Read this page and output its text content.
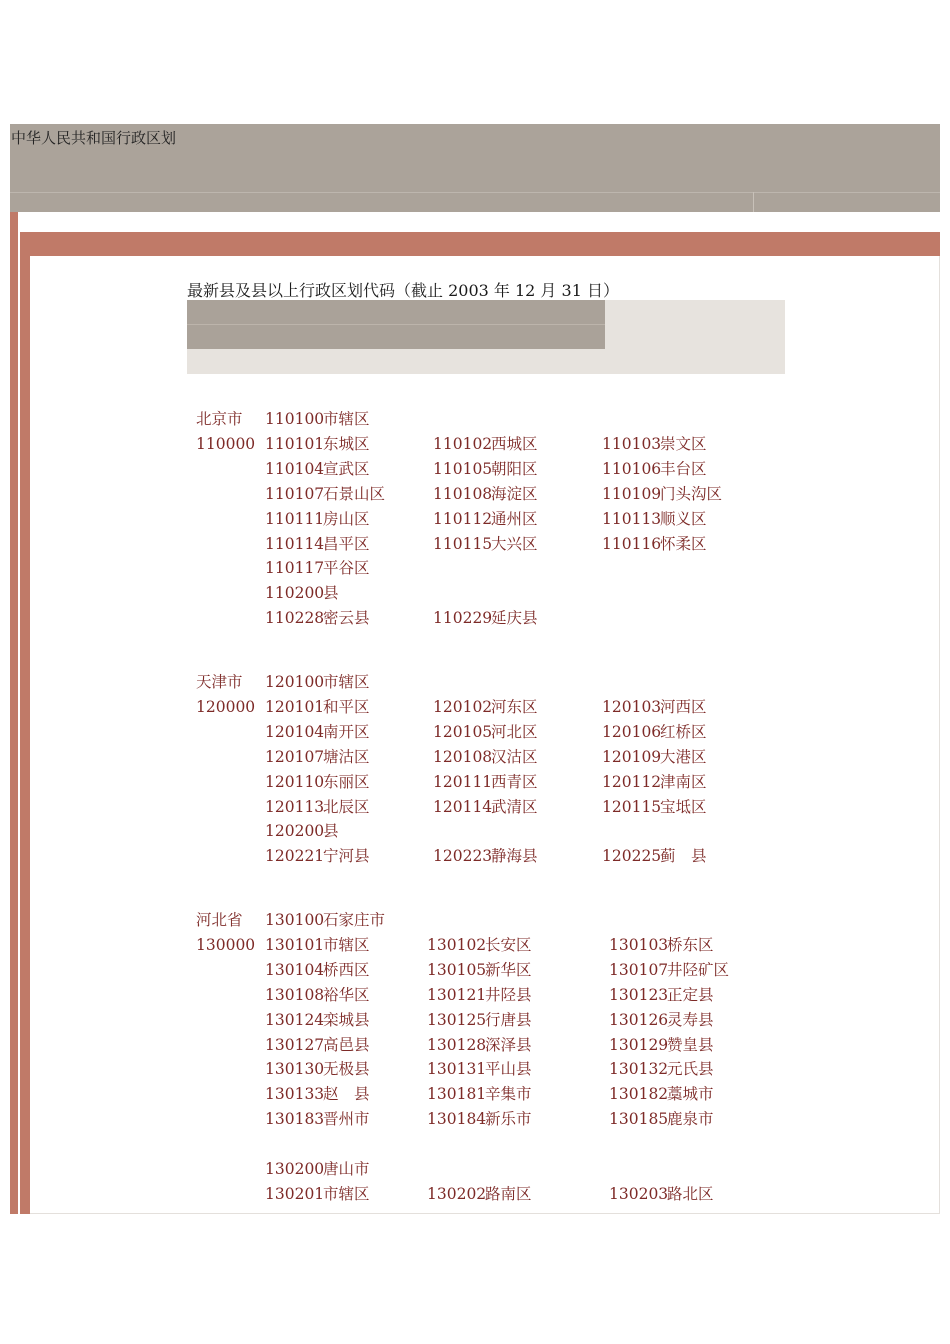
中华人民共和国行政区划
最新县及县以上行政区划代码（截止 2003 年 12 月 31 日）
北京市
110000
110100市辖区
110101东城区	110102西城区	110103崇文区
110104宣武区	110105朝阳区	110106丰台区
110107石景山区	110108海淀区	110109门头沟区
110111房山区	110112通州区	110113顺义区
110114昌平区	110115大兴区	110116怀柔区
110117平谷区
110200县
110228密云县	110229延庆县
天津市
120000
120100市辖区
120101和平区	120102河东区	120103河西区
120104南开区	120105河北区	120106红桥区
120107塘沽区	120108汉沽区	120109大港区
120110东丽区	120111西青区	120112津南区
120113北辰区	120114武清区	120115宝坻区
120200县
120221宁河县	120223静海县	120225蓟　县
河北省
130000
130100石家庄市
130101市辖区	130102长安区	130103桥东区
130104桥西区	130105新华区	130107井陉矿区
130108裕华区	130121井陉县	130123正定县
130124栾城县	130125行唐县	130126灵寿县
130127高邑县	130128深泽县	130129赞皇县
130130无极县	130131平山县	130132元氏县
130133赵　县	130181辛集市	130182藁城市
130183晋州市	130184新乐市	130185鹿泉市
130200唐山市
130201市辖区	130202路南区	130203路北区
